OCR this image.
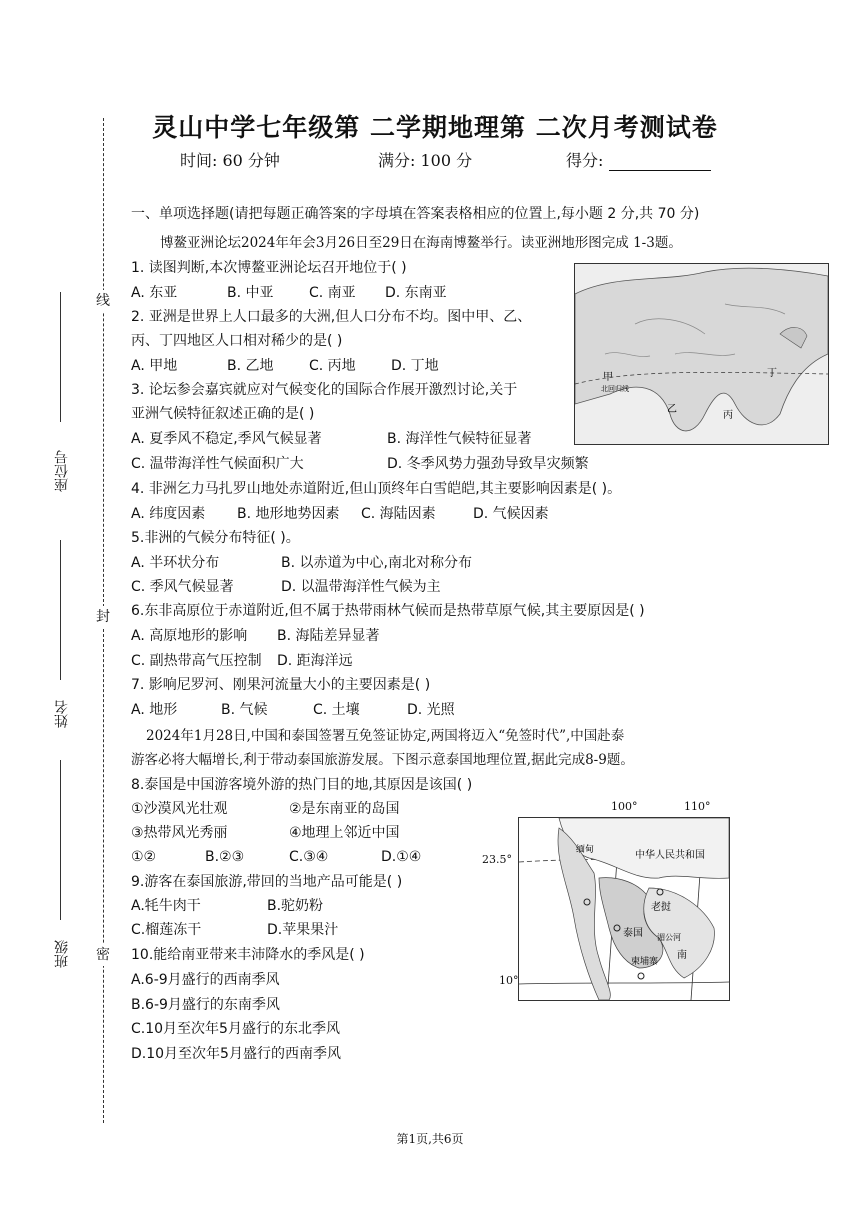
线
封
密
座位号
姓名
班级
灵山中学七年级第 二学期地理第 二次月考测试卷
时间: 60 分钟	满分: 100 分	得分:
一、单项选择题(请把每题正确答案的字母填在答案表格相应的位置上,每小题 2 分,共 70 分)
博鳌亚洲论坛2024年年会3月26日至29日在海南博鳌举行。读亚洲地形图完成 1-3题。
1. 读图判断,本次博鳌亚洲论坛召开地位于( )
A. 东亚	B. 中亚	C. 南亚 D. 东南亚
2. 亚洲是世界上人口最多的大洲,但人口分布不均。图中甲、乙、
丙、丁四地区人口相对稀少的是( )
A. 甲地	B. 乙地	C. 丙地	D. 丁地
3. 论坛参会嘉宾就应对气候变化的国际合作展开激烈讨论,关于
亚洲气候特征叙述正确的是( )
A. 夏季风不稳定,季风气候显著	B. 海洋性气候特征显著
C. 温带海洋性气候面积广大	D. 冬季风势力强劲导致旱灾频繁
4. 非洲乞力马扎罗山地处赤道附近,但山顶终年白雪皑皑,其主要影响因素是( )。
A. 纬度因素 B. 地形地势因素 C. 海陆因素	D. 气候因素
5.非洲的气候分布特征( )。
A. 半环状分布	B. 以赤道为中心,南北对称分布
C. 季风气候显著	D. 以温带海洋性气候为主
6.东非高原位于赤道附近,但不属于热带雨林气候而是热带草原气候,其主要原因是( )
A. 高原地形的影响 B. 海陆差异显著
C. 副热带高气压控制 D. 距海洋远
7. 影响尼罗河、刚果河流量大小的主要因素是( )
A. 地形	B. 气候	C. 土壤	D. 光照
2024年1月28日,中国和泰国签署互免签证协定,两国将迈入“免签时代”,中国赴泰
游客必将大幅增长,利于带动泰国旅游发展。下图示意泰国地理位置,据此完成8-9题。
8.泰国是中国游客境外游的热门目的地,其原因是该国( )
①沙漠风光壮观	②是东南亚的岛国
③热带风光秀丽	④地理上邻近中国
①②	B.②③	C.③④	D.①④
9.游客在泰国旅游,带回的当地产品可能是( )
A.牦牛肉干	B.驼奶粉
C.榴莲冻干	D.苹果果汁
10.能给南亚带来丰沛降水的季风是( )
A.6-9月盛行的西南季风
B.6-9月盛行的东南季风
C.10月至次年5月盛行的东北季风
D.10月至次年5月盛行的西南季风
甲
北回归线
乙
丙
丁
100°	110°
23.5°
10°
中华人民共和国
缅甸
泰国
老挝
柬埔寨
南
湄公河
第1页,共6页
